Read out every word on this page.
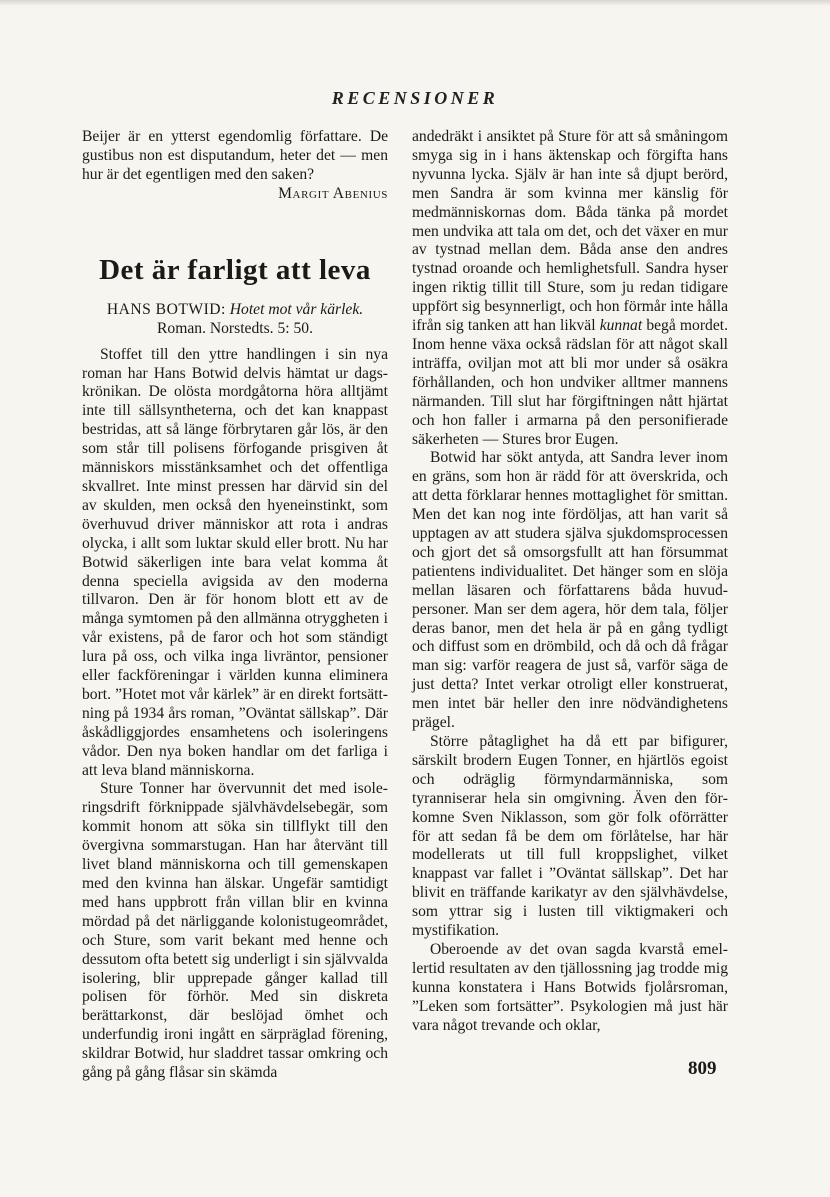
RECENSIONER

Beijer är en ytterst egendomlig författare. De gustibus non est disputandum, heter det — men hur är det egentligen med den saken?

Margit Abenius

Det är farligt att leva
HANS BOTWID: Hotet mot vår kärlek.
Roman. Norstedts. 5: 50.

Stoffet till den yttre handlingen i sin nya roman har Hans Botwid delvis hämtat ur dagskrönikan. De olösta mordgåtorna höra alltjämt inte till sällsyntheterna, och det kan knappast bestridas, att så länge förbrytaren går lös, är den som står till polisens förfogande prisgiven åt människors misstänksamhet och det offentliga skvallret. Inte minst pressen har därvid sin del av skulden, men också den hyeneinstinkt, som överhuvud driver människor att rota i andras olycka, i allt som luktar skuld eller brott. Nu har Botwid säkerligen inte bara velat komma åt denna speciella avigsida av den moderna tillvaron. Den är för honom blott ett av de många symtomen på den allmänna otryggheten i vår existens, på de faror och hot som ständigt lura på oss, och vilka inga livräntor, pensioner eller fackföreningar i världen kunna eliminera bort. ”Hotet mot vår kärlek” är en direkt fortsättning på 1934 års roman, ”Oväntat sällskap”. Där åskådliggjordes ensamhetens och isoleringens vådor. Den nya boken handlar om det farliga i att leva bland människorna.

Sture Tonner har övervunnit det med isoleringsdrift förknippade självhävdelsebegär, som kommit honom att söka sin tillflykt till den övergivna sommarstugan. Han har återvänt till livet bland människorna och till gemenskapen med den kvinna han älskar. Ungefär samtidigt med hans uppbrott från villan blir en kvinna mördad på det närliggande kolonistugeområdet, och Sture, som varit bekant med henne och dessutom ofta betett sig underligt i sin självvalda isolering, blir upprepade gånger kallad till polisen för förhör. Med sin diskreta berättarkonst, där beslöjad ömhet och underfundig ironi ingått en särpräglad förening, skildrar Botwid, hur sladdret tassar omkring och gång på gång flåsar sin skämda

andedräkt i ansiktet på Sture för att så småningom smyga sig in i hans äktenskap och förgifta hans nyvunna lycka. Själv är han inte så djupt berörd, men Sandra är som kvinna mer känslig för medmänniskornas dom. Båda tänka på mordet men undvika att tala om det, och det växer en mur av tystnad mellan dem. Båda anse den andres tystnad oroande och hemlighetsfull. Sandra hyser ingen riktig tillit till Sture, som ju redan tidigare uppfört sig besynnerligt, och hon förmår inte hålla ifrån sig tanken att han likväl kunnat begå mordet. Inom henne växa också rädslan för att något skall inträffa, oviljan mot att bli mor under så osäkra förhållanden, och hon undviker alltmer mannens närmanden. Till slut har förgiftningen nått hjärtat och hon faller i armarna på den personifierade säkerheten — Stures bror Eugen.

Botwid har sökt antyda, att Sandra lever inom en gräns, som hon är rädd för att överskrida, och att detta förklarar hennes mottaglighet för smittan. Men det kan nog inte fördöljas, att han varit så upptagen av att studera själva sjukdomsprocessen och gjort det så omsorgsfullt att han försummat patientens individualitet. Det hänger som en slöja mellan läsaren och författarens båda huvudpersoner. Man ser dem agera, hör dem tala, följer deras banor, men det hela är på en gång tydligt och diffust som en drömbild, och då och då frågar man sig: varför reagera de just så, varför säga de just detta? Intet verkar otroligt eller konstruerat, men intet bär heller den inre nödvändighetens prägel.

Större påtaglighet ha då ett par bifigurer, särskilt brodern Eugen Tonner, en hjärtlös egoist och odräglig förmyndarmänniska, som tyranniserar hela sin omgivning. Även den förkomne Sven Niklasson, som gör folk oförrätter för att sedan få be dem om förlåtelse, har här modellerats ut till full kroppslighet, vilket knappast var fallet i ”Oväntat sällskap”. Det har blivit en träffande karikatyr av den självhävdelse, som yttrar sig i lusten till viktigmakeri och mystifikation.

Oberoende av det ovan sagda kvarstå emellertid resultaten av den tjällossning jag trodde mig kunna konstatera i Hans Botwids fjolårsroman, ”Leken som fortsätter”. Psykologien må just här vara något trevande och oklar,

809
